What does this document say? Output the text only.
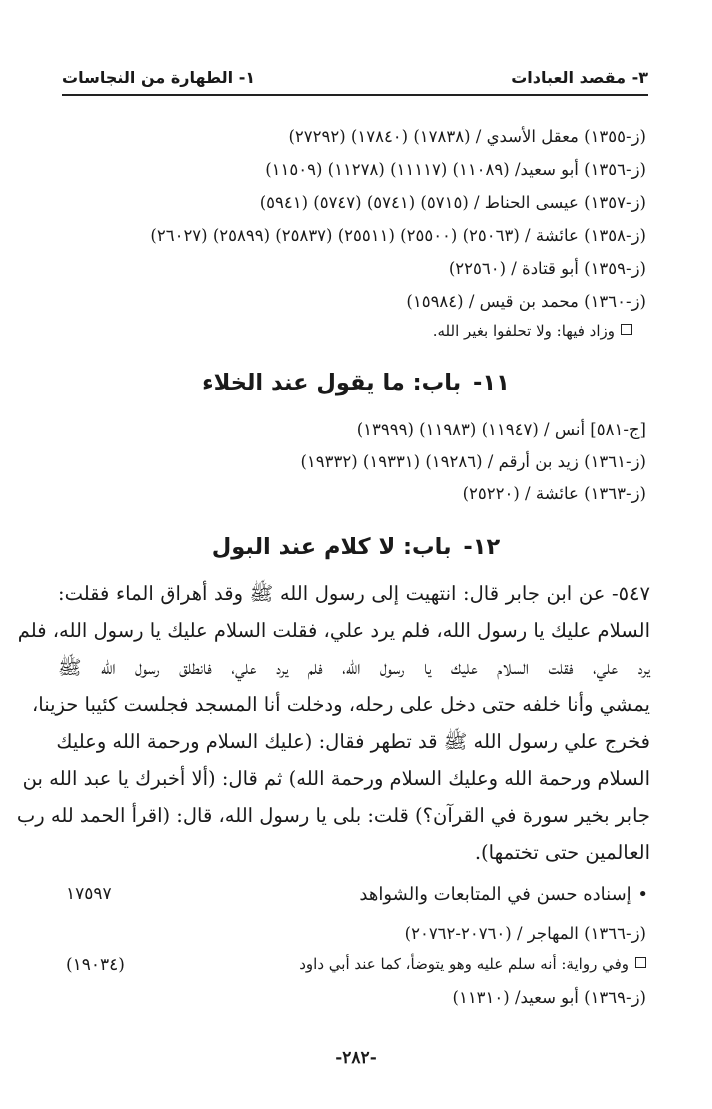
٣- مقصد العبادات
١- الطهارة من النجاسات
(ز-١٣٥٥) معقل الأسدي / (١٧٨٣٨) (١٧٨٤٠) (٢٧٢٩٢)
(ز-١٣٥٦) أبو سعيد/ (١١٠٨٩) (١١١١٧) (١١٢٧٨) (١١٥٠٩)
(ز-١٣٥٧) عيسى الحناط / (٥٧١٥) (٥٧٤١) (٥٧٤٧) (٥٩٤١)
(ز-١٣٥٨) عائشة / (٢٥٠٦٣) (٢٥٥٠٠) (٢٥٥١١) (٢٥٨٣٧) (٢٥٨٩٩) (٢٦٠٢٧)
(ز-١٣٥٩) أبو قتادة / (٢٢٥٦٠)
(ز-١٣٦٠) محمد بن قيس / (١٥٩٨٤)
وزاد فيها: ولا تحلفوا بغير الله.
١١- باب: ما يقول عند الخلاء
[ج-٥٨١] أنس / (١١٩٤٧) (١١٩٨٣) (١٣٩٩٩)
(ز-١٣٦١) زيد بن أرقم / (١٩٢٨٦) (١٩٣٣١) (١٩٣٣٢)
(ز-١٣٦٣) عائشة / (٢٥٢٢٠)
١٢- باب: لا كلام عند البول
٥٤٧- عن ابن جابر قال: انتهيت إلى رسول الله ﷺ وقد أهراق الماء فقلت:
السلام عليك يا رسول الله، فلم يرد علي، فقلت السلام عليك يا رسول الله، فلم
يرد علي، فقلت السلام عليك يا رسول الله، فلم يرد علي، فانطلق رسول الله ﷺ
يمشي وأنا خلفه حتى دخل على رحله، ودخلت أنا المسجد فجلست كئيبا حزينا،
فخرج علي رسول الله ﷺ قد تطهر فقال: (عليك السلام ورحمة الله وعليك
السلام ورحمة الله وعليك السلام ورحمة الله) ثم قال: (ألا أخبرك يا عبد الله بن
جابر بخير سورة في القرآن؟) قلت: بلى يا رسول الله، قال: (اقرأ الحمد لله رب
العالمين حتى تختمها).
• إسناده حسن في المتابعات والشواهد
١٧٥٩٧
(ز-١٣٦٦) المهاجر / (٢٠٧٦٠-٢٠٧٦٢)
وفي رواية: أنه سلم عليه وهو يتوضأ، كما عند أبي داود
(١٩٠٣٤)
(ز-١٣٦٩) أبو سعيد/ (١١٣١٠)
-٢٨٢-
